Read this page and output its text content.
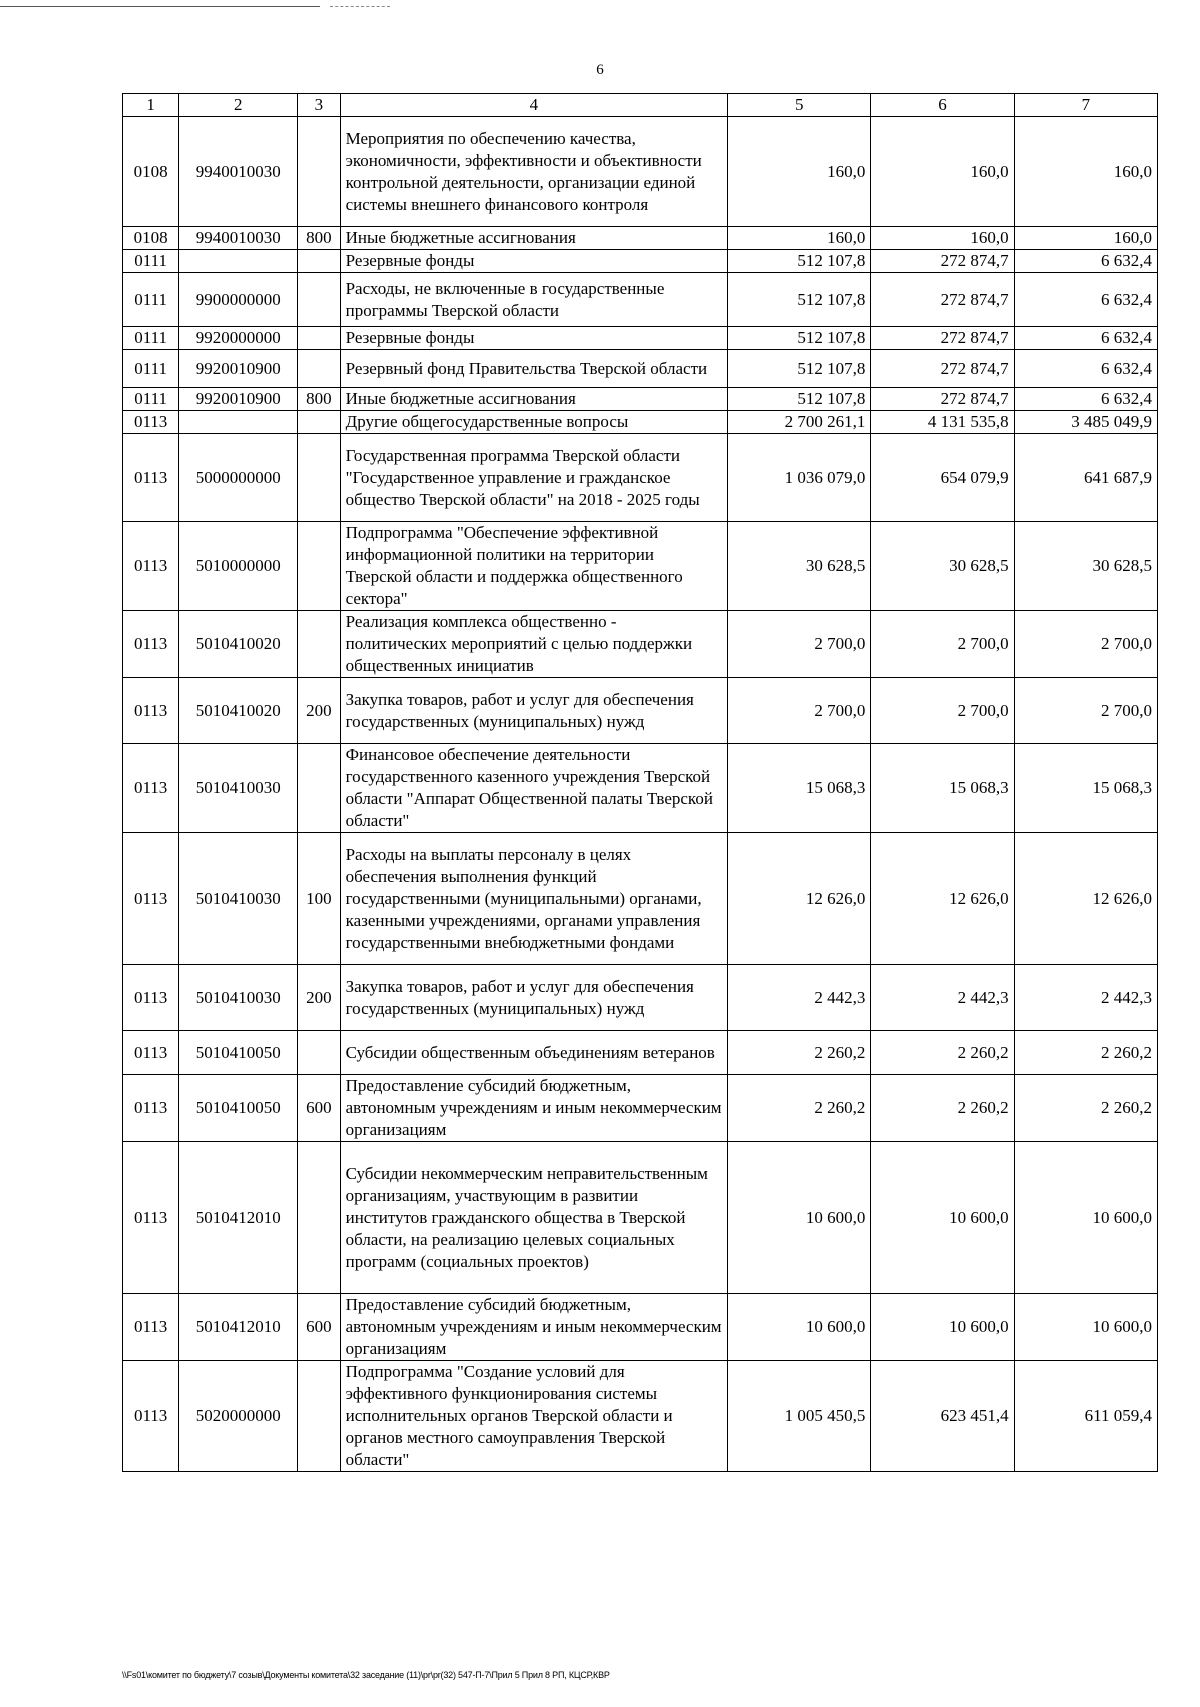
6
1	2	3	4	5	6	7
0108	9940010030		Мероприятия по обеспечению качества, экономичности, эффективности и объективности контрольной деятельности, организации единой системы внешнего финансового контроля	160,0	160,0	160,0
0108	9940010030	800	Иные бюджетные ассигнования	160,0	160,0	160,0
0111			Резервные фонды	512 107,8	272 874,7	6 632,4
0111	9900000000		Расходы, не включенные в государственные программы Тверской области	512 107,8	272 874,7	6 632,4
0111	9920000000		Резервные фонды	512 107,8	272 874,7	6 632,4
0111	9920010900		Резервный фонд Правительства Тверской области	512 107,8	272 874,7	6 632,4
0111	9920010900	800	Иные бюджетные ассигнования	512 107,8	272 874,7	6 632,4
0113			Другие общегосударственные вопросы	2 700 261,1	4 131 535,8	3 485 049,9
0113	5000000000		Государственная программа Тверской области "Государственное управление и гражданское общество Тверской области" на 2018 - 2025 годы	1 036 079,0	654 079,9	641 687,9
0113	5010000000		Подпрограмма "Обеспечение эффективной информационной политики на территории Тверской области и поддержка общественного сектора"	30 628,5	30 628,5	30 628,5
0113	5010410020		Реализация комплекса общественно - политических мероприятий с целью поддержки общественных инициатив	2 700,0	2 700,0	2 700,0
0113	5010410020	200	Закупка товаров, работ и услуг для обеспечения государственных (муниципальных) нужд	2 700,0	2 700,0	2 700,0
0113	5010410030		Финансовое обеспечение деятельности государственного казенного учреждения Тверской области "Аппарат Общественной палаты Тверской области"	15 068,3	15 068,3	15 068,3
0113	5010410030	100	Расходы на выплаты персоналу в целях обеспечения выполнения функций государственными (муниципальными) органами, казенными учреждениями, органами управления государственными внебюджетными фондами	12 626,0	12 626,0	12 626,0
0113	5010410030	200	Закупка товаров, работ и услуг для обеспечения государственных (муниципальных) нужд	2 442,3	2 442,3	2 442,3
0113	5010410050		Субсидии общественным объединениям ветеранов	2 260,2	2 260,2	2 260,2
0113	5010410050	600	Предоставление субсидий бюджетным, автономным учреждениям и иным некоммерческим организациям	2 260,2	2 260,2	2 260,2
0113	5010412010		Субсидии некоммерческим неправительственным организациям, участвующим в развитии институтов гражданского общества в Тверской области, на реализацию целевых социальных программ (социальных проектов)	10 600,0	10 600,0	10 600,0
0113	5010412010	600	Предоставление субсидий бюджетным, автономным учреждениям и иным некоммерческим организациям	10 600,0	10 600,0	10 600,0
0113	5020000000		Подпрограмма "Создание условий для эффективного функционирования системы исполнительных органов Тверской области и органов местного самоуправления Тверской области"	1 005 450,5	623 451,4	611 059,4
\\Fs01\комитет по бюджету\7 созыв\Документы комитета\32 заседание (11)\pr\pr(32) 547-П-7\Прил 5 Прил 8 РП, КЦСР,КВР
